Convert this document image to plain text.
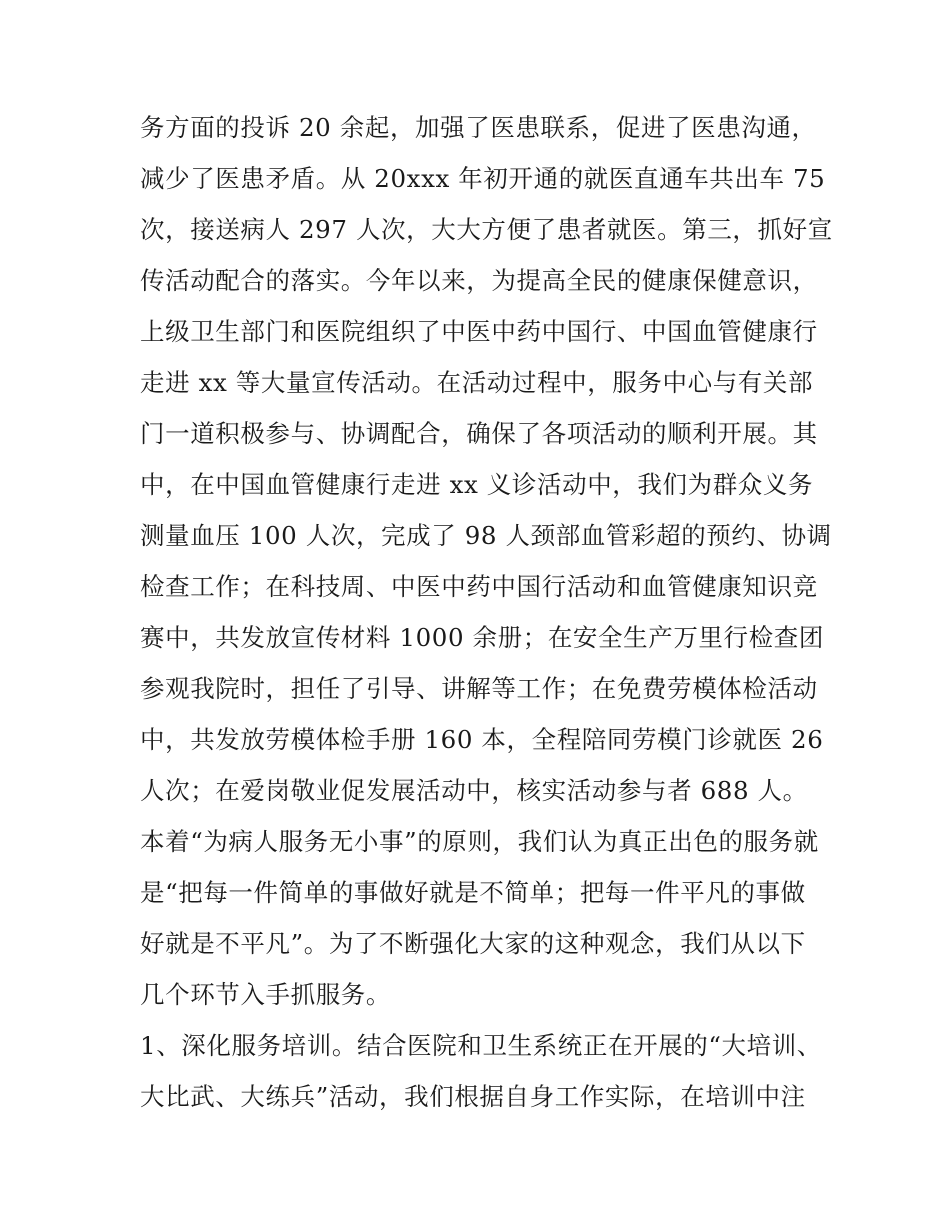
务方面的投诉 20 余起，加强了医患联系，促进了医患沟通，
减少了医患矛盾。从 20xxx 年初开通的就医直通车共出车 75
次，接送病人 297 人次，大大方便了患者就医。第三，抓好宣
传活动配合的落实。今年以来，为提高全民的健康保健意识，
上级卫生部门和医院组织了中医中药中国行、中国血管健康行
走进 xx 等大量宣传活动。在活动过程中，服务中心与有关部
门一道积极参与、协调配合，确保了各项活动的顺利开展。其
中，在中国血管健康行走进 xx 义诊活动中，我们为群众义务
测量血压 100 人次，完成了 98 人颈部血管彩超的预约、协调
检查工作；在科技周、中医中药中国行活动和血管健康知识竞
赛中，共发放宣传材料 1000 余册；在安全生产万里行检查团
参观我院时，担任了引导、讲解等工作；在免费劳模体检活动
中，共发放劳模体检手册 160 本，全程陪同劳模门诊就医 26
人次；在爱岗敬业促发展活动中，核实活动参与者 688 人。
本着“为病人服务无小事”的原则，我们认为真正出色的服务就
是“把每一件简单的事做好就是不简单；把每一件平凡的事做
好就是不平凡”。为了不断强化大家的这种观念，我们从以下
几个环节入手抓服务。
1、深化服务培训。结合医院和卫生系统正在开展的“大培训、
大比武、大练兵”活动，我们根据自身工作实际，在培训中注
